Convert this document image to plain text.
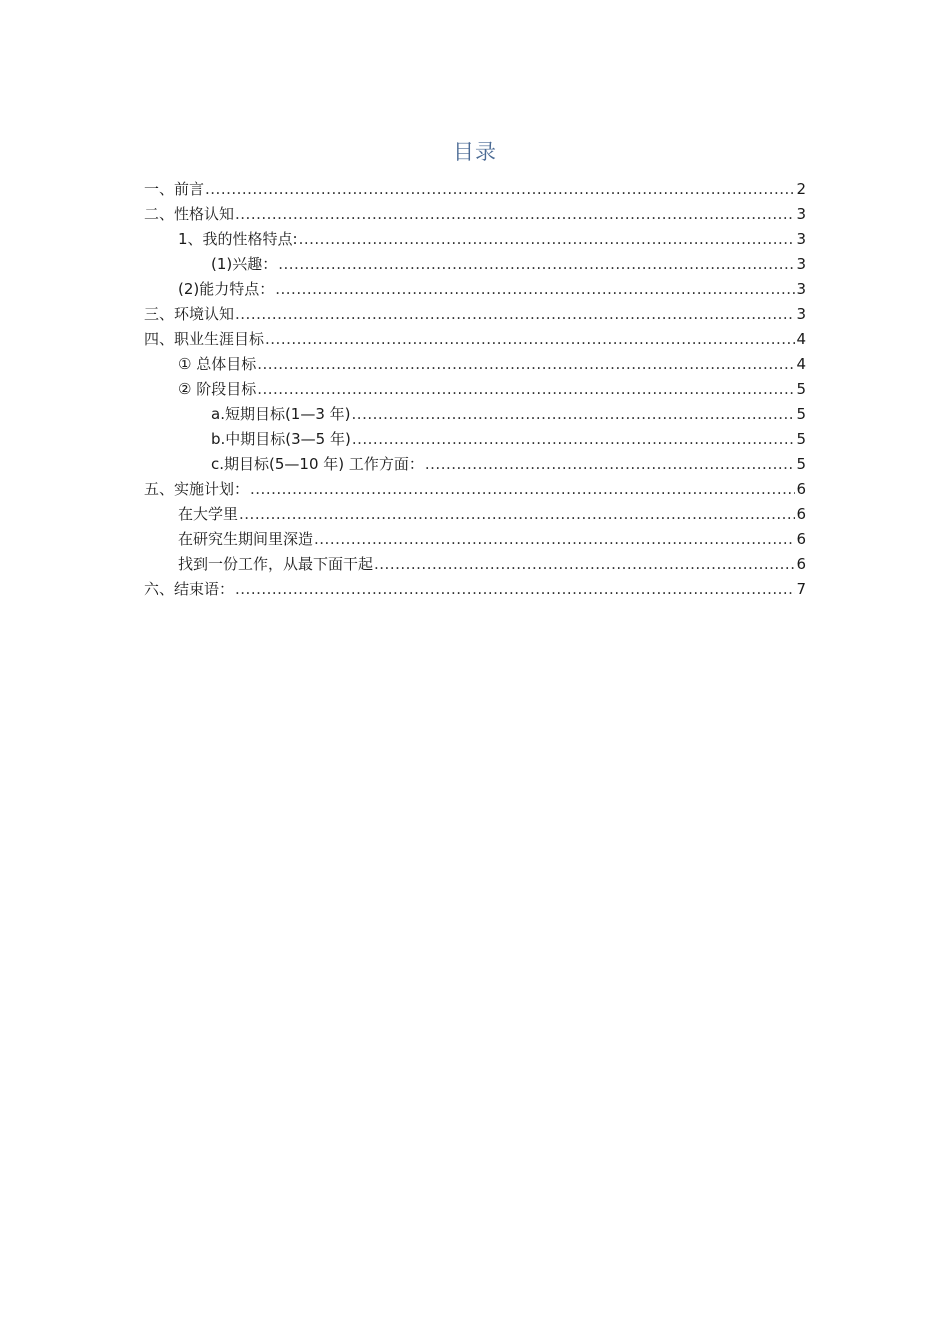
目录
一、前言 .....	2
二、性格认知 .....	3
1、我的性格特点: .....	3
(1)兴趣： .....	3
(2)能力特点： .....	3
三、环境认知 .....	3
四、职业生涯目标 .....	4
① 总体目标 .....	4
② 阶段目标 .....	5
a.短期目标(1—3 年) .....	5
b.中期目标(3—5 年) .....	5
c.期目标(5—10 年) 工作方面： .....	5
五、实施计划： .....	6
在大学里 .....	6
在研究生期间里深造 .....	6
找到一份工作，从最下面干起 .....	6
六、结束语： .....	7
